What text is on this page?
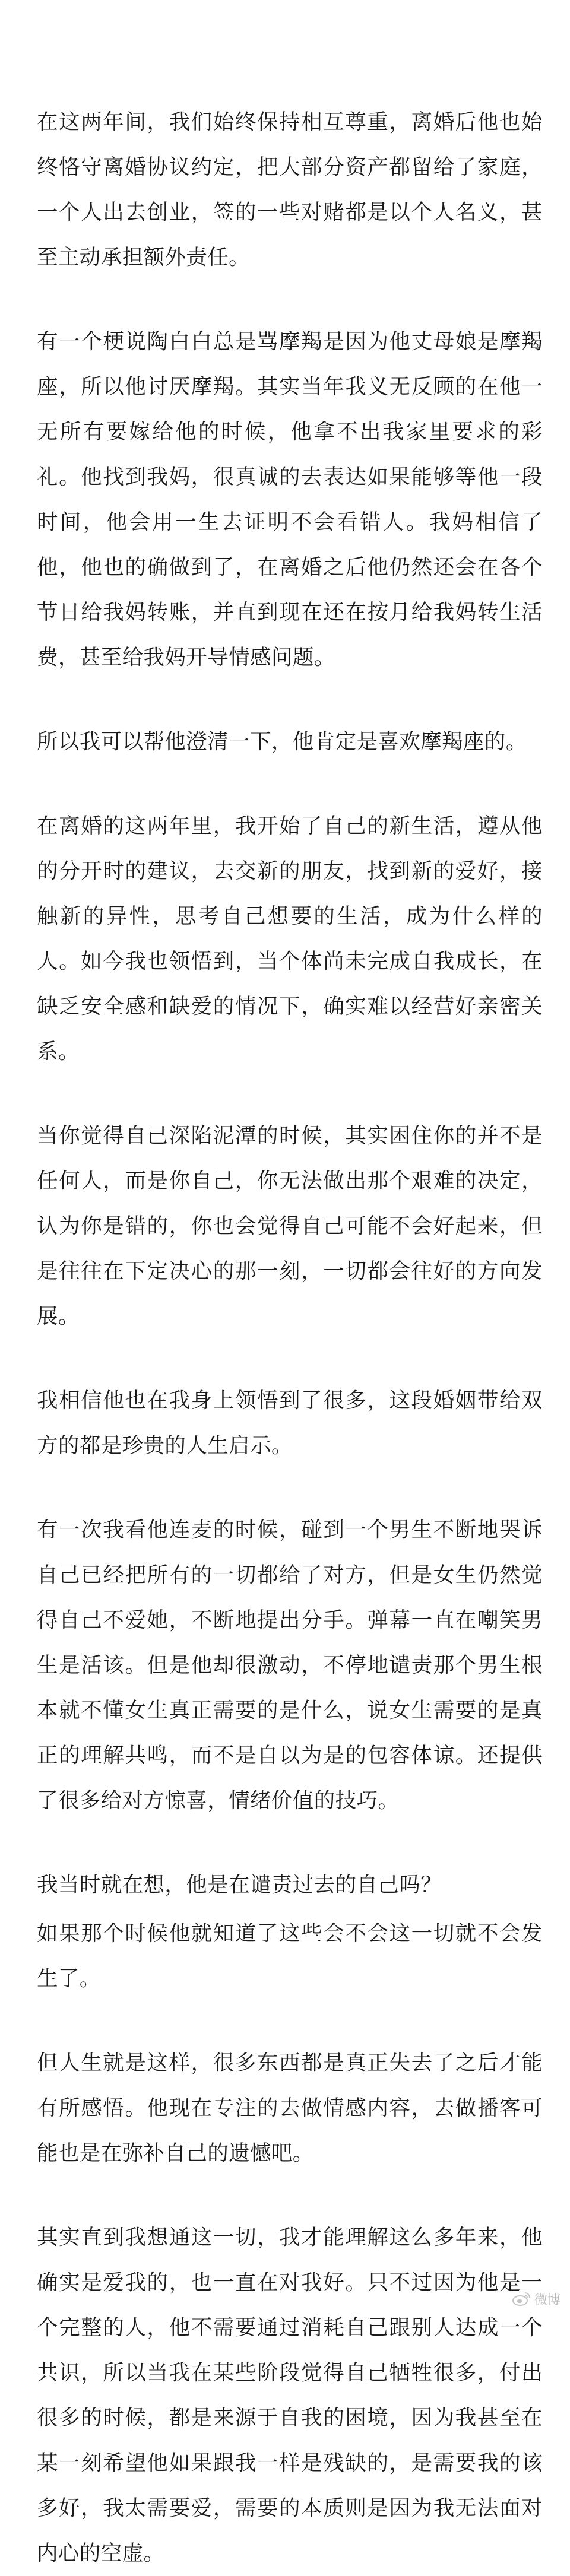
在这两年间，我们始终保持相互尊重，离婚后他也始终恪守离婚协议约定，把大部分资产都留给了家庭，一个人出去创业，签的一些对赌都是以个人名义，甚至主动承担额外责任。

有一个梗说陶白白总是骂摩羯是因为他丈母娘是摩羯座，所以他讨厌摩羯。其实当年我义无反顾的在他一无所有要嫁给他的时候，他拿不出我家里要求的彩礼。他找到我妈，很真诚的去表达如果能够等他一段时间，他会用一生去证明不会看错人。我妈相信了他，他也的确做到了，在离婚之后他仍然还会在各个节日给我妈转账，并直到现在还在按月给我妈转生活费，甚至给我妈开导情感问题。

所以我可以帮他澄清一下，他肯定是喜欢摩羯座的。

在离婚的这两年里，我开始了自己的新生活，遵从他的分开时的建议，去交新的朋友，找到新的爱好，接触新的异性，思考自己想要的生活，成为什么样的人。如今我也领悟到，当个体尚未完成自我成长，在缺乏安全感和缺爱的情况下，确实难以经营好亲密关系。

当你觉得自己深陷泥潭的时候，其实困住你的并不是任何人，而是你自己，你无法做出那个艰难的决定，认为你是错的，你也会觉得自己可能不会好起来，但是往往在下定决心的那一刻，一切都会往好的方向发展。

我相信他也在我身上领悟到了很多，这段婚姻带给双方的都是珍贵的人生启示。

有一次我看他连麦的时候，碰到一个男生不断地哭诉自己已经把所有的一切都给了对方，但是女生仍然觉得自己不爱她，不断地提出分手。弹幕一直在嘲笑男生是活该。但是他却很激动，不停地谴责那个男生根本就不懂女生真正需要的是什么，说女生需要的是真正的理解共鸣，而不是自以为是的包容体谅。还提供了很多给对方惊喜，情绪价值的技巧。

我当时就在想，他是在谴责过去的自己吗？

如果那个时候他就知道了这些会不会这一切就不会发生了。

但人生就是这样，很多东西都是真正失去了之后才能有所感悟。他现在专注的去做情感内容，去做播客可能也是在弥补自己的遗憾吧。

其实直到我想通这一切，我才能理解这么多年来，他确实是爱我的，也一直在对我好。只不过因为他是一个完整的人，他不需要通过消耗自己跟别人达成一个共识，所以当我在某些阶段觉得自己牺牲很多，付出很多的时候，都是来源于自我的困境，因为我甚至在某一刻希望他如果跟我一样是残缺的，是需要我的该多好，我太需要爱，需要的本质则是因为我无法面对内心的空虚。

微博
